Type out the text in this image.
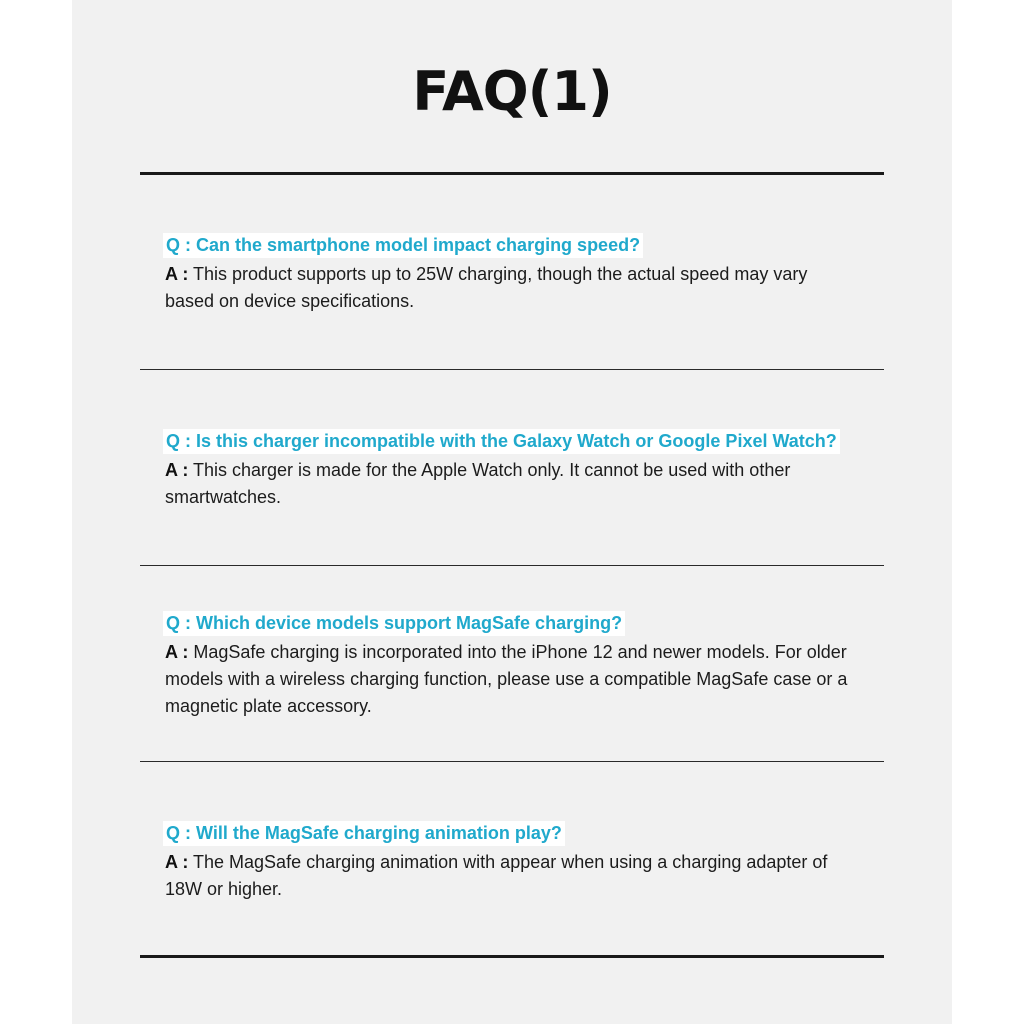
FAQ(1)
Q : Can the smartphone model impact charging speed?
A : This product supports up to 25W charging, though the actual speed may vary based on device specifications.
Q : Is this charger incompatible with the Galaxy Watch or Google Pixel Watch?
A : This charger is made for the Apple Watch only. It cannot be used with other smartwatches.
Q : Which device models support MagSafe charging?
A : MagSafe charging is incorporated into the iPhone 12 and newer models. For older models with a wireless charging function, please use a compatible MagSafe case or a magnetic plate accessory.
Q : Will the MagSafe charging animation play?
A : The MagSafe charging animation with appear when using a charging adapter of 18W or higher.
